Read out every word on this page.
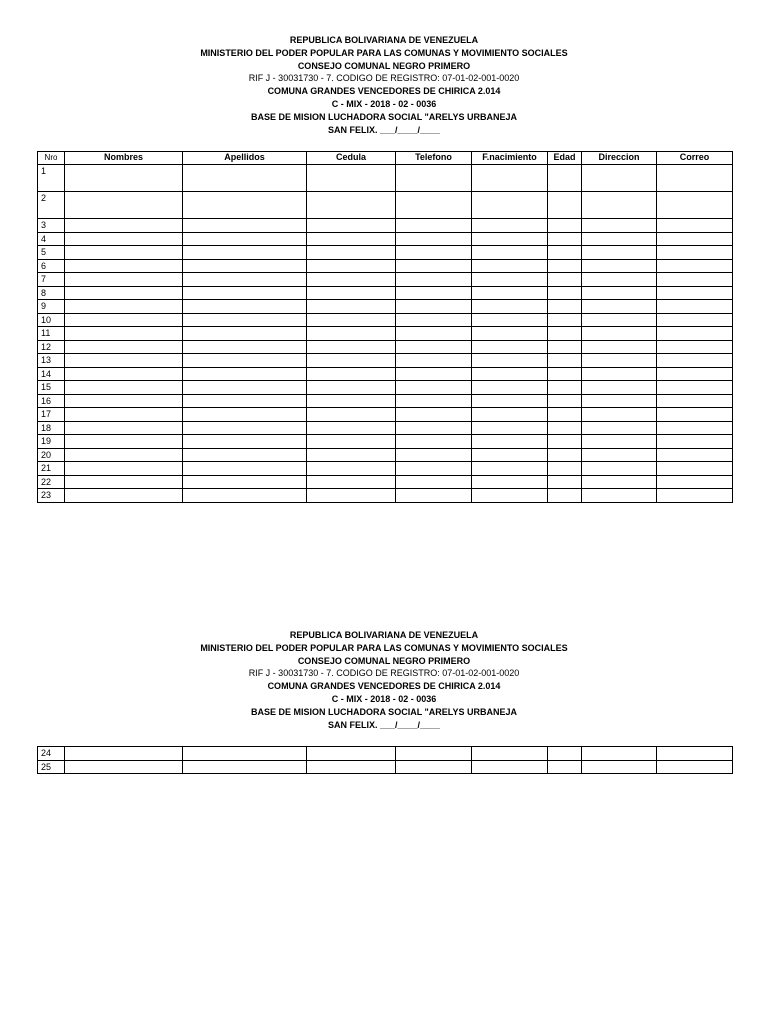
REPUBLICA BOLIVARIANA DE VENEZUELA
MINISTERIO DEL PODER POPULAR PARA LAS COMUNAS Y MOVIMIENTO SOCIALES
CONSEJO COMUNAL NEGRO PRIMERO
RIF J - 30031730 - 7. CODIGO DE REGISTRO: 07-01-02-001-0020
COMUNA GRANDES VENCEDORES DE CHIRICA 2.014
C - MIX - 2018 - 02 - 0036
BASE DE MISION LUCHADORA SOCIAL "ARELYS URBANEJA
SAN FELIX. ___/____/____
Nro	Nombres	Apellidos	Cedula	Telefono	F.nacimiento	Edad	Direccion	Correo
1								
2								
3								
4								
5								
6								
7								
8								
9								
10								
11								
12								
13								
14								
15								
16								
17								
18								
19								
20								
21								
22								
23								
REPUBLICA BOLIVARIANA DE VENEZUELA
MINISTERIO DEL PODER POPULAR PARA LAS COMUNAS Y MOVIMIENTO SOCIALES
CONSEJO COMUNAL NEGRO PRIMERO
RIF J - 30031730 - 7. CODIGO DE REGISTRO: 07-01-02-001-0020
COMUNA GRANDES VENCEDORES DE CHIRICA 2.014
C - MIX - 2018 - 02 - 0036
BASE DE MISION LUCHADORA SOCIAL "ARELYS URBANEJA
SAN FELIX. ___/____/____
24								
25								
